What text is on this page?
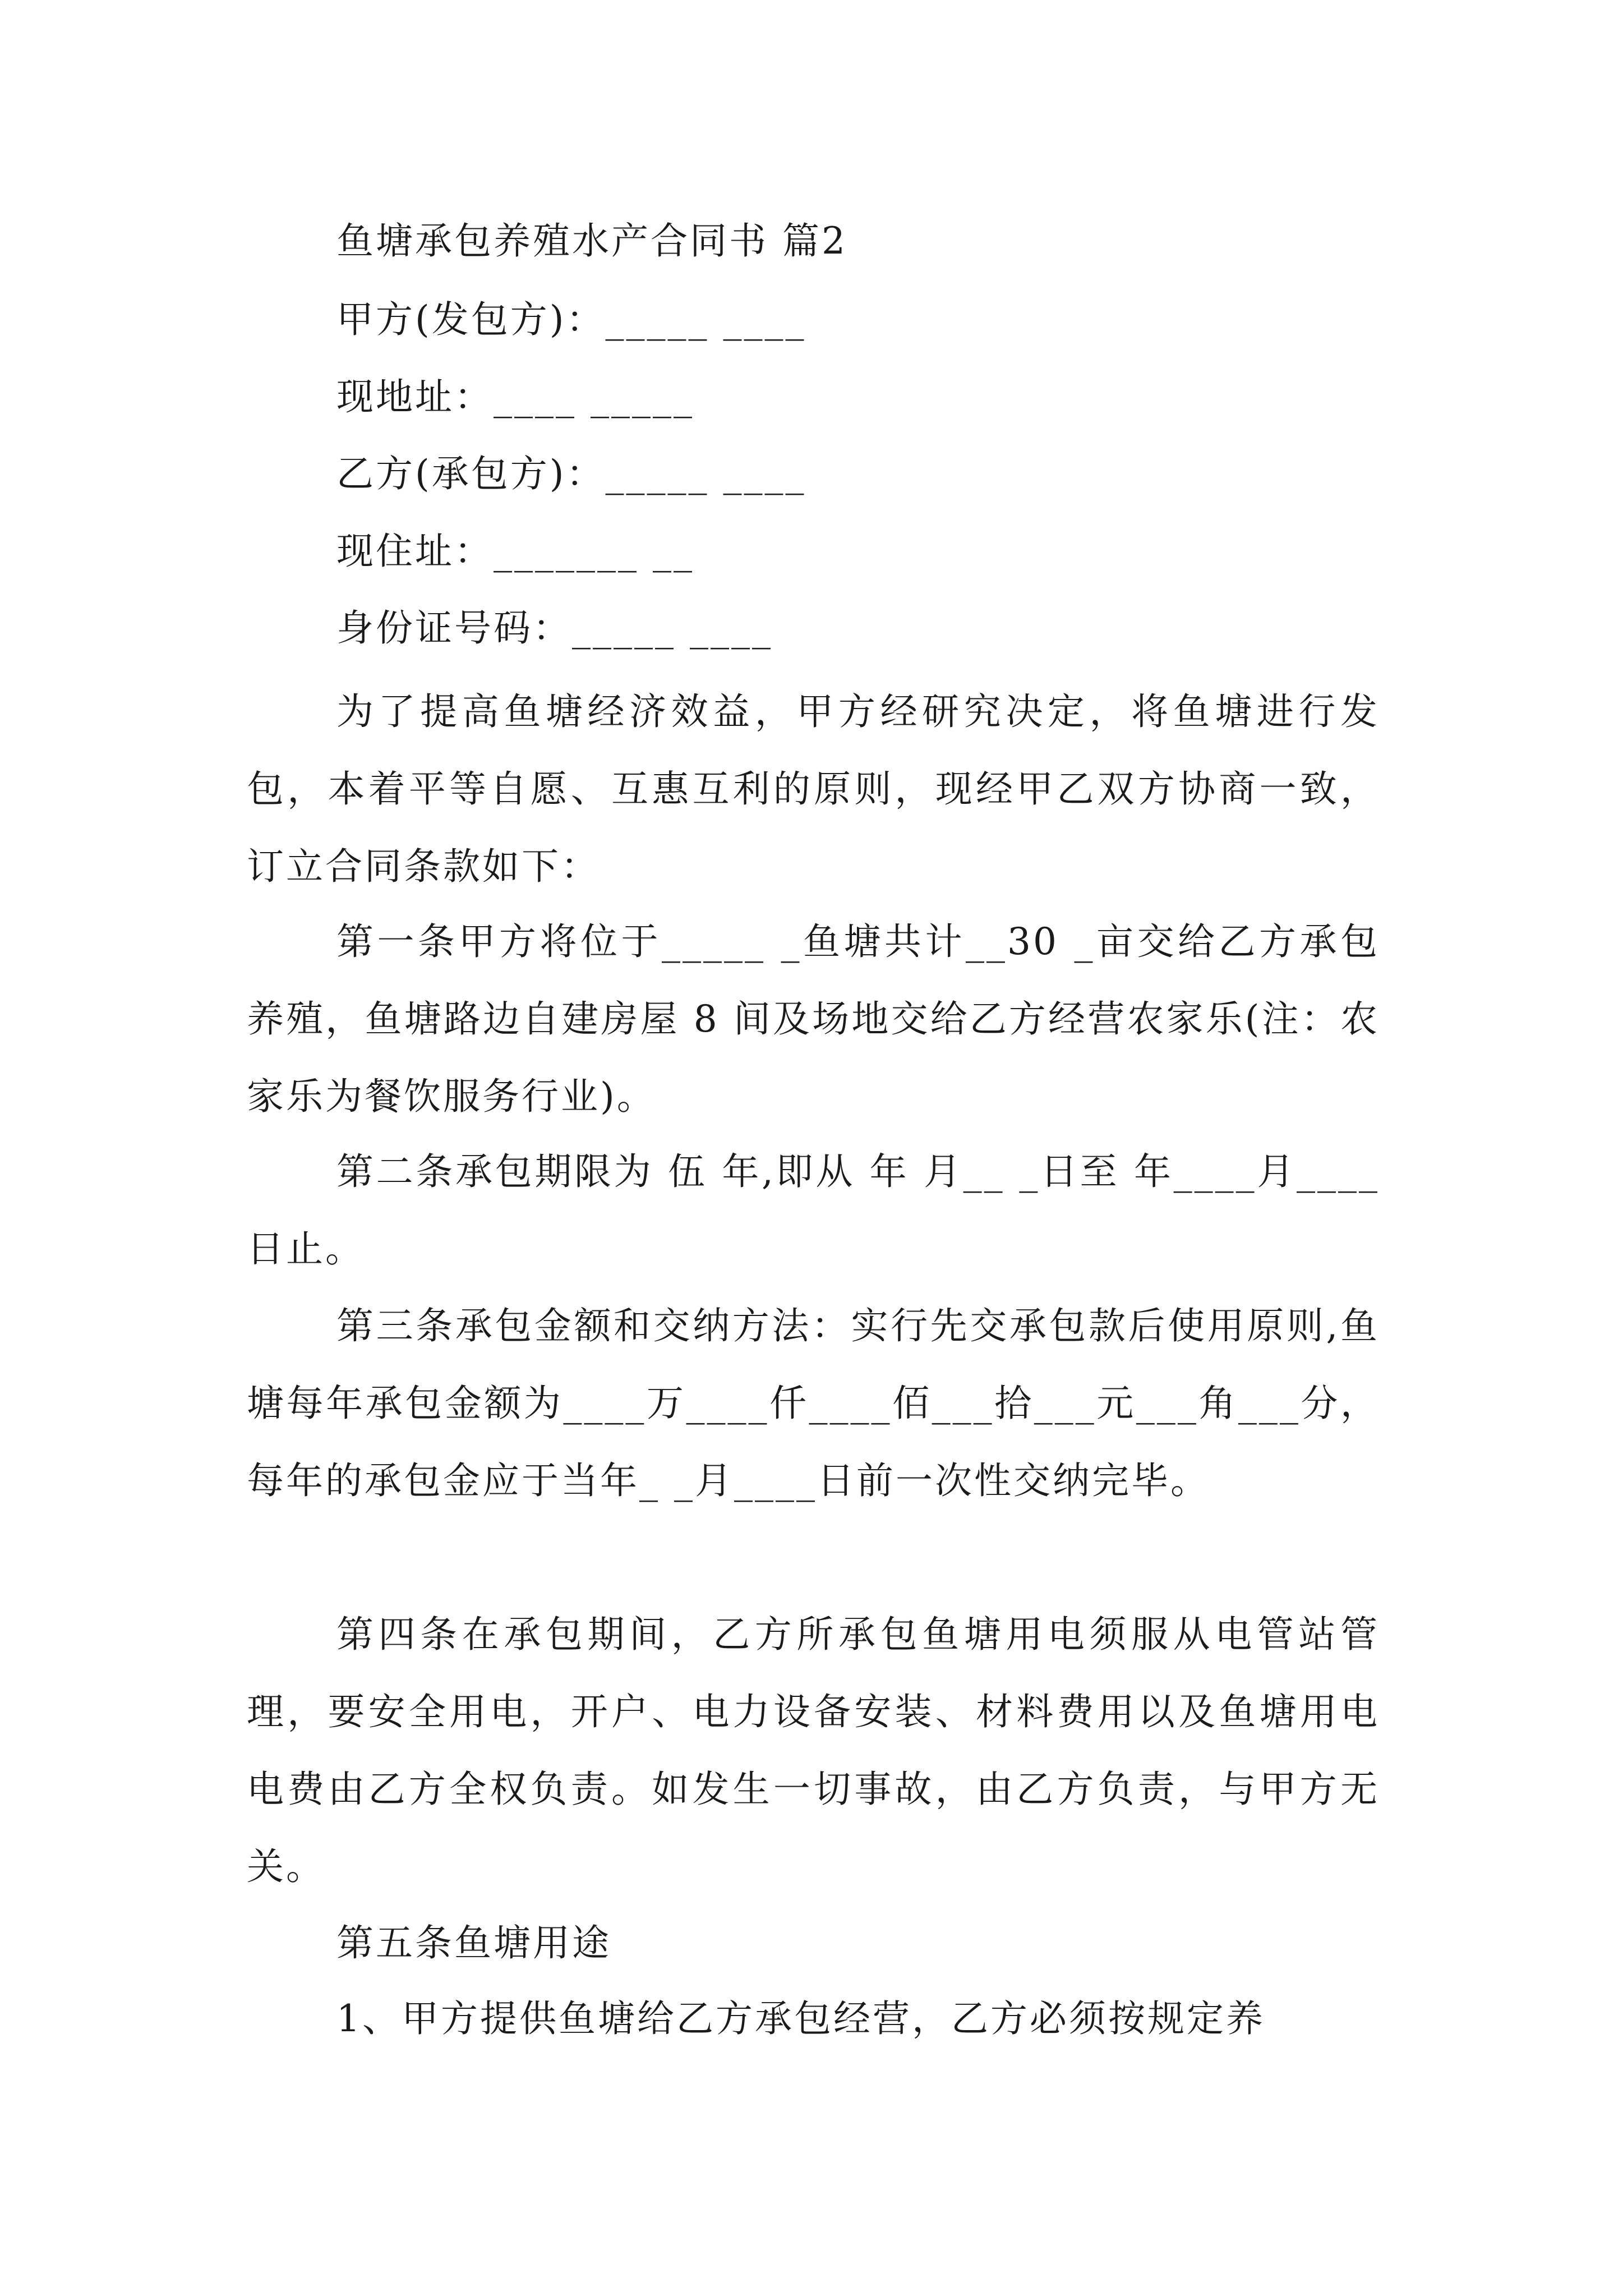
鱼塘承包养殖水产合同书 篇2
甲方(发包方)：_____ ____
现地址：____ _____
乙方(承包方)：_____ ____
现住址：_______ __
身份证号码：_____ ____

为了提高鱼塘经济效益，甲方经研究决定，将鱼塘进行发包，本着平等自愿、互惠互利的原则，现经甲乙双方协商一致，订立合同条款如下：

第一条甲方将位于_____ _鱼塘共计__30 _亩交给乙方承包养殖，鱼塘路边自建房屋 8 间及场地交给乙方经营农家乐(注：农家乐为餐饮服务行业)。

第二条承包期限为 伍 年,即从 年 月__ _日至 年____月____日止。

第三条承包金额和交纳方法：实行先交承包款后使用原则,鱼塘每年承包金额为____万____仟____佰___拾___元___角___分，每年的承包金应于当年_ _月____日前一次性交纳完毕。

第四条在承包期间，乙方所承包鱼塘用电须服从电管站管理，要安全用电，开户、电力设备安装、材料费用以及鱼塘用电电费由乙方全权负责。如发生一切事故，由乙方负责，与甲方无关。

第五条鱼塘用途

1、甲方提供鱼塘给乙方承包经营，乙方必须按规定养
